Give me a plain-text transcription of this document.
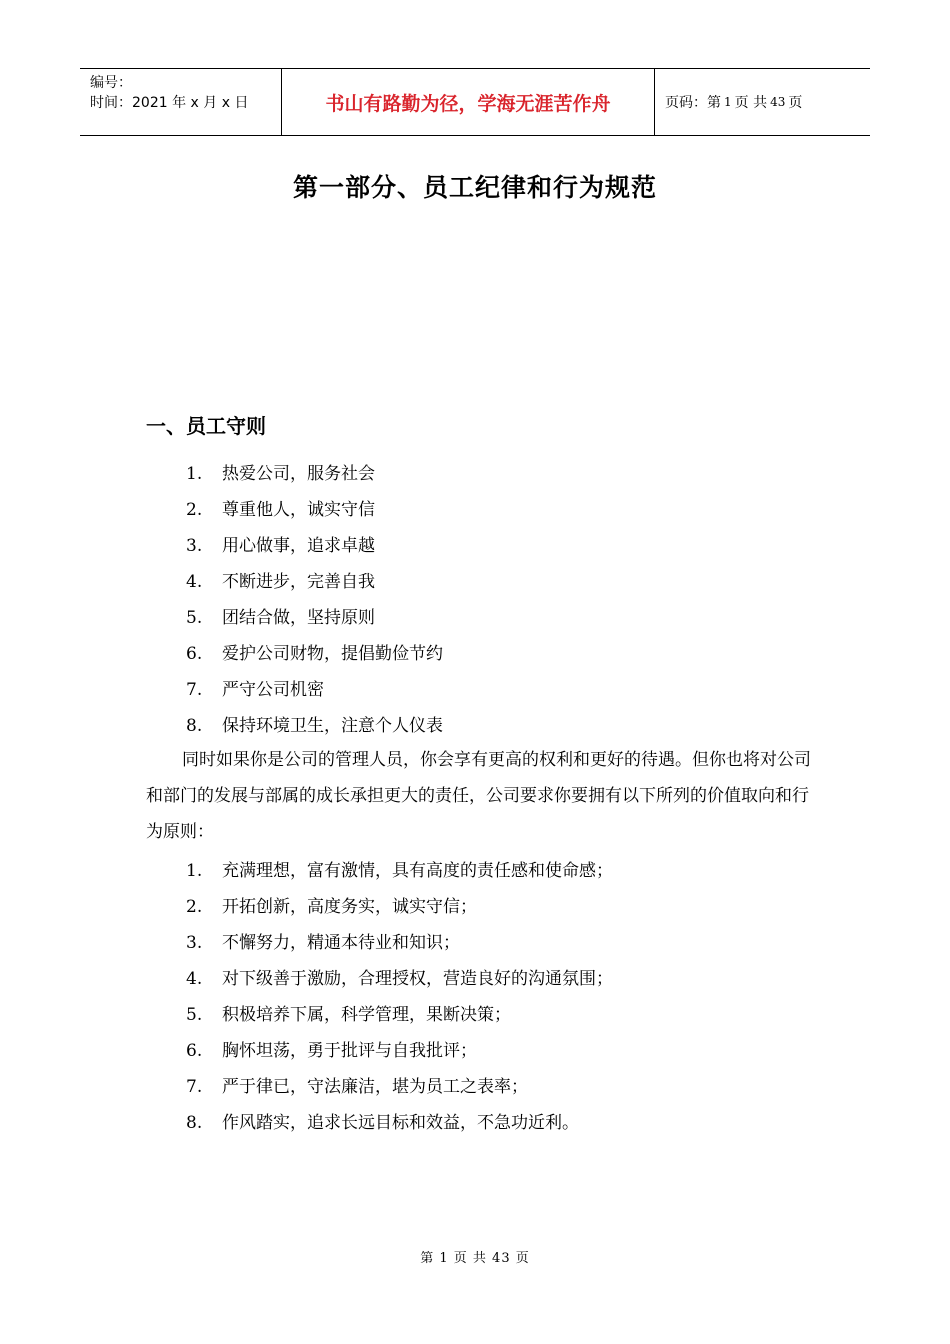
编号：
时间：2021 年 x 月 x 日	书山有路勤为径，学海无涯苦作舟	页码：第 1 页 共 43 页
第一部分、员工纪律和行为规范
一、员工守则
1.	热爱公司，服务社会
2.	尊重他人，诚实守信
3.	用心做事，追求卓越
4.	不断进步，完善自我
5.	团结合做，坚持原则
6.	爱护公司财物，提倡勤俭节约
7.	严守公司机密
8.	保持环境卫生，注意个人仪表

同时如果你是公司的管理人员，你会享有更高的权利和更好的待遇。但你也将对公司和部门的发展与部属的成长承担更大的责任，公司要求你要拥有以下所列的价值取向和行为原则：

1.	充满理想，富有激情，具有高度的责任感和使命感；
2.	开拓创新，高度务实，诚实守信；
3.	不懈努力，精通本待业和知识；
4.	对下级善于激励，合理授权，营造良好的沟通氛围；
5.	积极培养下属，科学管理，果断决策；
6.	胸怀坦荡，勇于批评与自我批评；
7.	严于律已，守法廉洁，堪为员工之表率；
8.	作风踏实，追求长远目标和效益，不急功近利。
第 1 页 共 43 页
